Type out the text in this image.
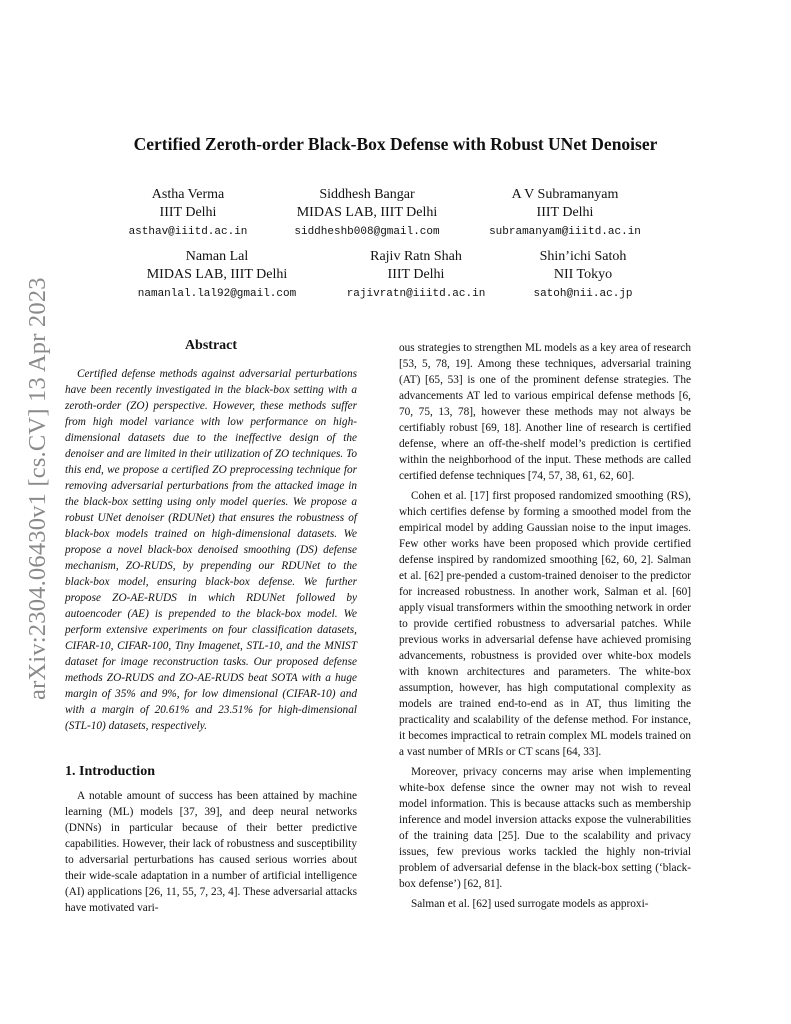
arXiv:2304.06430v1 [cs.CV] 13 Apr 2023
Certified Zeroth-order Black-Box Defense with Robust UNet Denoiser
Astha Verma
IIIT Delhi
asthav@iiitd.ac.in
Siddhesh Bangar
MIDAS LAB, IIIT Delhi
siddheshb008@gmail.com
A V Subramanyam
IIIT Delhi
subramanyam@iiitd.ac.in
Naman Lal
MIDAS LAB, IIIT Delhi
namanlal.lal92@gmail.com
Rajiv Ratn Shah
IIIT Delhi
rajivratn@iiitd.ac.in
Shin’ichi Satoh
NII Tokyo
satoh@nii.ac.jp
Abstract

Certified defense methods against adversarial perturbations have been recently investigated in the black-box setting with a zeroth-order (ZO) perspective. However, these methods suffer from high model variance with low performance on high-dimensional datasets due to the ineffective design of the denoiser and are limited in their utilization of ZO techniques. To this end, we propose a certified ZO preprocessing technique for removing adversarial perturbations from the attacked image in the black-box setting using only model queries. We propose a robust UNet denoiser (RDUNet) that ensures the robustness of black-box models trained on high-dimensional datasets. We propose a novel black-box denoised smoothing (DS) defense mechanism, ZO-RUDS, by prepending our RDUNet to the black-box model, ensuring black-box defense. We further propose ZO-AE-RUDS in which RDUNet followed by autoencoder (AE) is prepended to the black-box model. We perform extensive experiments on four classification datasets, CIFAR-10, CIFAR-100, Tiny Imagenet, STL-10, and the MNIST dataset for image reconstruction tasks. Our proposed defense methods ZO-RUDS and ZO-AE-RUDS beat SOTA with a huge margin of 35% and 9%, for low dimensional (CIFAR-10) and with a margin of 20.61% and 23.51% for high-dimensional (STL-10) datasets, respectively.

1. Introduction

A notable amount of success has been attained by machine learning (ML) models [37, 39], and deep neural networks (DNNs) in particular because of their better predictive capabilities. However, their lack of robustness and susceptibility to adversarial perturbations has caused serious worries about their wide-scale adaptation in a number of artificial intelligence (AI) applications [26, 11, 55, 7, 23, 4]. These adversarial attacks have motivated vari-

ous strategies to strengthen ML models as a key area of research [53, 5, 78, 19]. Among these techniques, adversarial training (AT) [65, 53] is one of the prominent defense strategies. The advancements AT led to various empirical defense methods [6, 70, 75, 13, 78], however these methods may not always be certifiably robust [69, 18]. Another line of research is certified defense, where an off-the-shelf model’s prediction is certified within the neighborhood of the input. These methods are called certified defense techniques [74, 57, 38, 61, 62, 60].

Cohen et al. [17] first proposed randomized smoothing (RS), which certifies defense by forming a smoothed model from the empirical model by adding Gaussian noise to the input images. Few other works have been proposed which provide certified defense inspired by randomized smoothing [62, 60, 2]. Salman et al. [62] pre-pended a custom-trained denoiser to the predictor for increased robustness. In another work, Salman et al. [60] apply visual transformers within the smoothing network in order to provide certified robustness to adversarial patches. While previous works in adversarial defense have achieved promising advancements, robustness is provided over white-box models with known architectures and parameters. The white-box assumption, however, has high computational complexity as models are trained end-to-end as in AT, thus limiting the practicality and scalability of the defense method. For instance, it becomes impractical to retrain complex ML models trained on a vast number of MRIs or CT scans [64, 33].

Moreover, privacy concerns may arise when implementing white-box defense since the owner may not wish to reveal model information. This is because attacks such as membership inference and model inversion attacks expose the vulnerabilities of the training data [25]. Due to the scalability and privacy issues, few previous works tackled the highly non-trivial problem of adversarial defense in the black-box setting (‘black-box defense’) [62, 81].

Salman et al. [62] used surrogate models as approxi-
